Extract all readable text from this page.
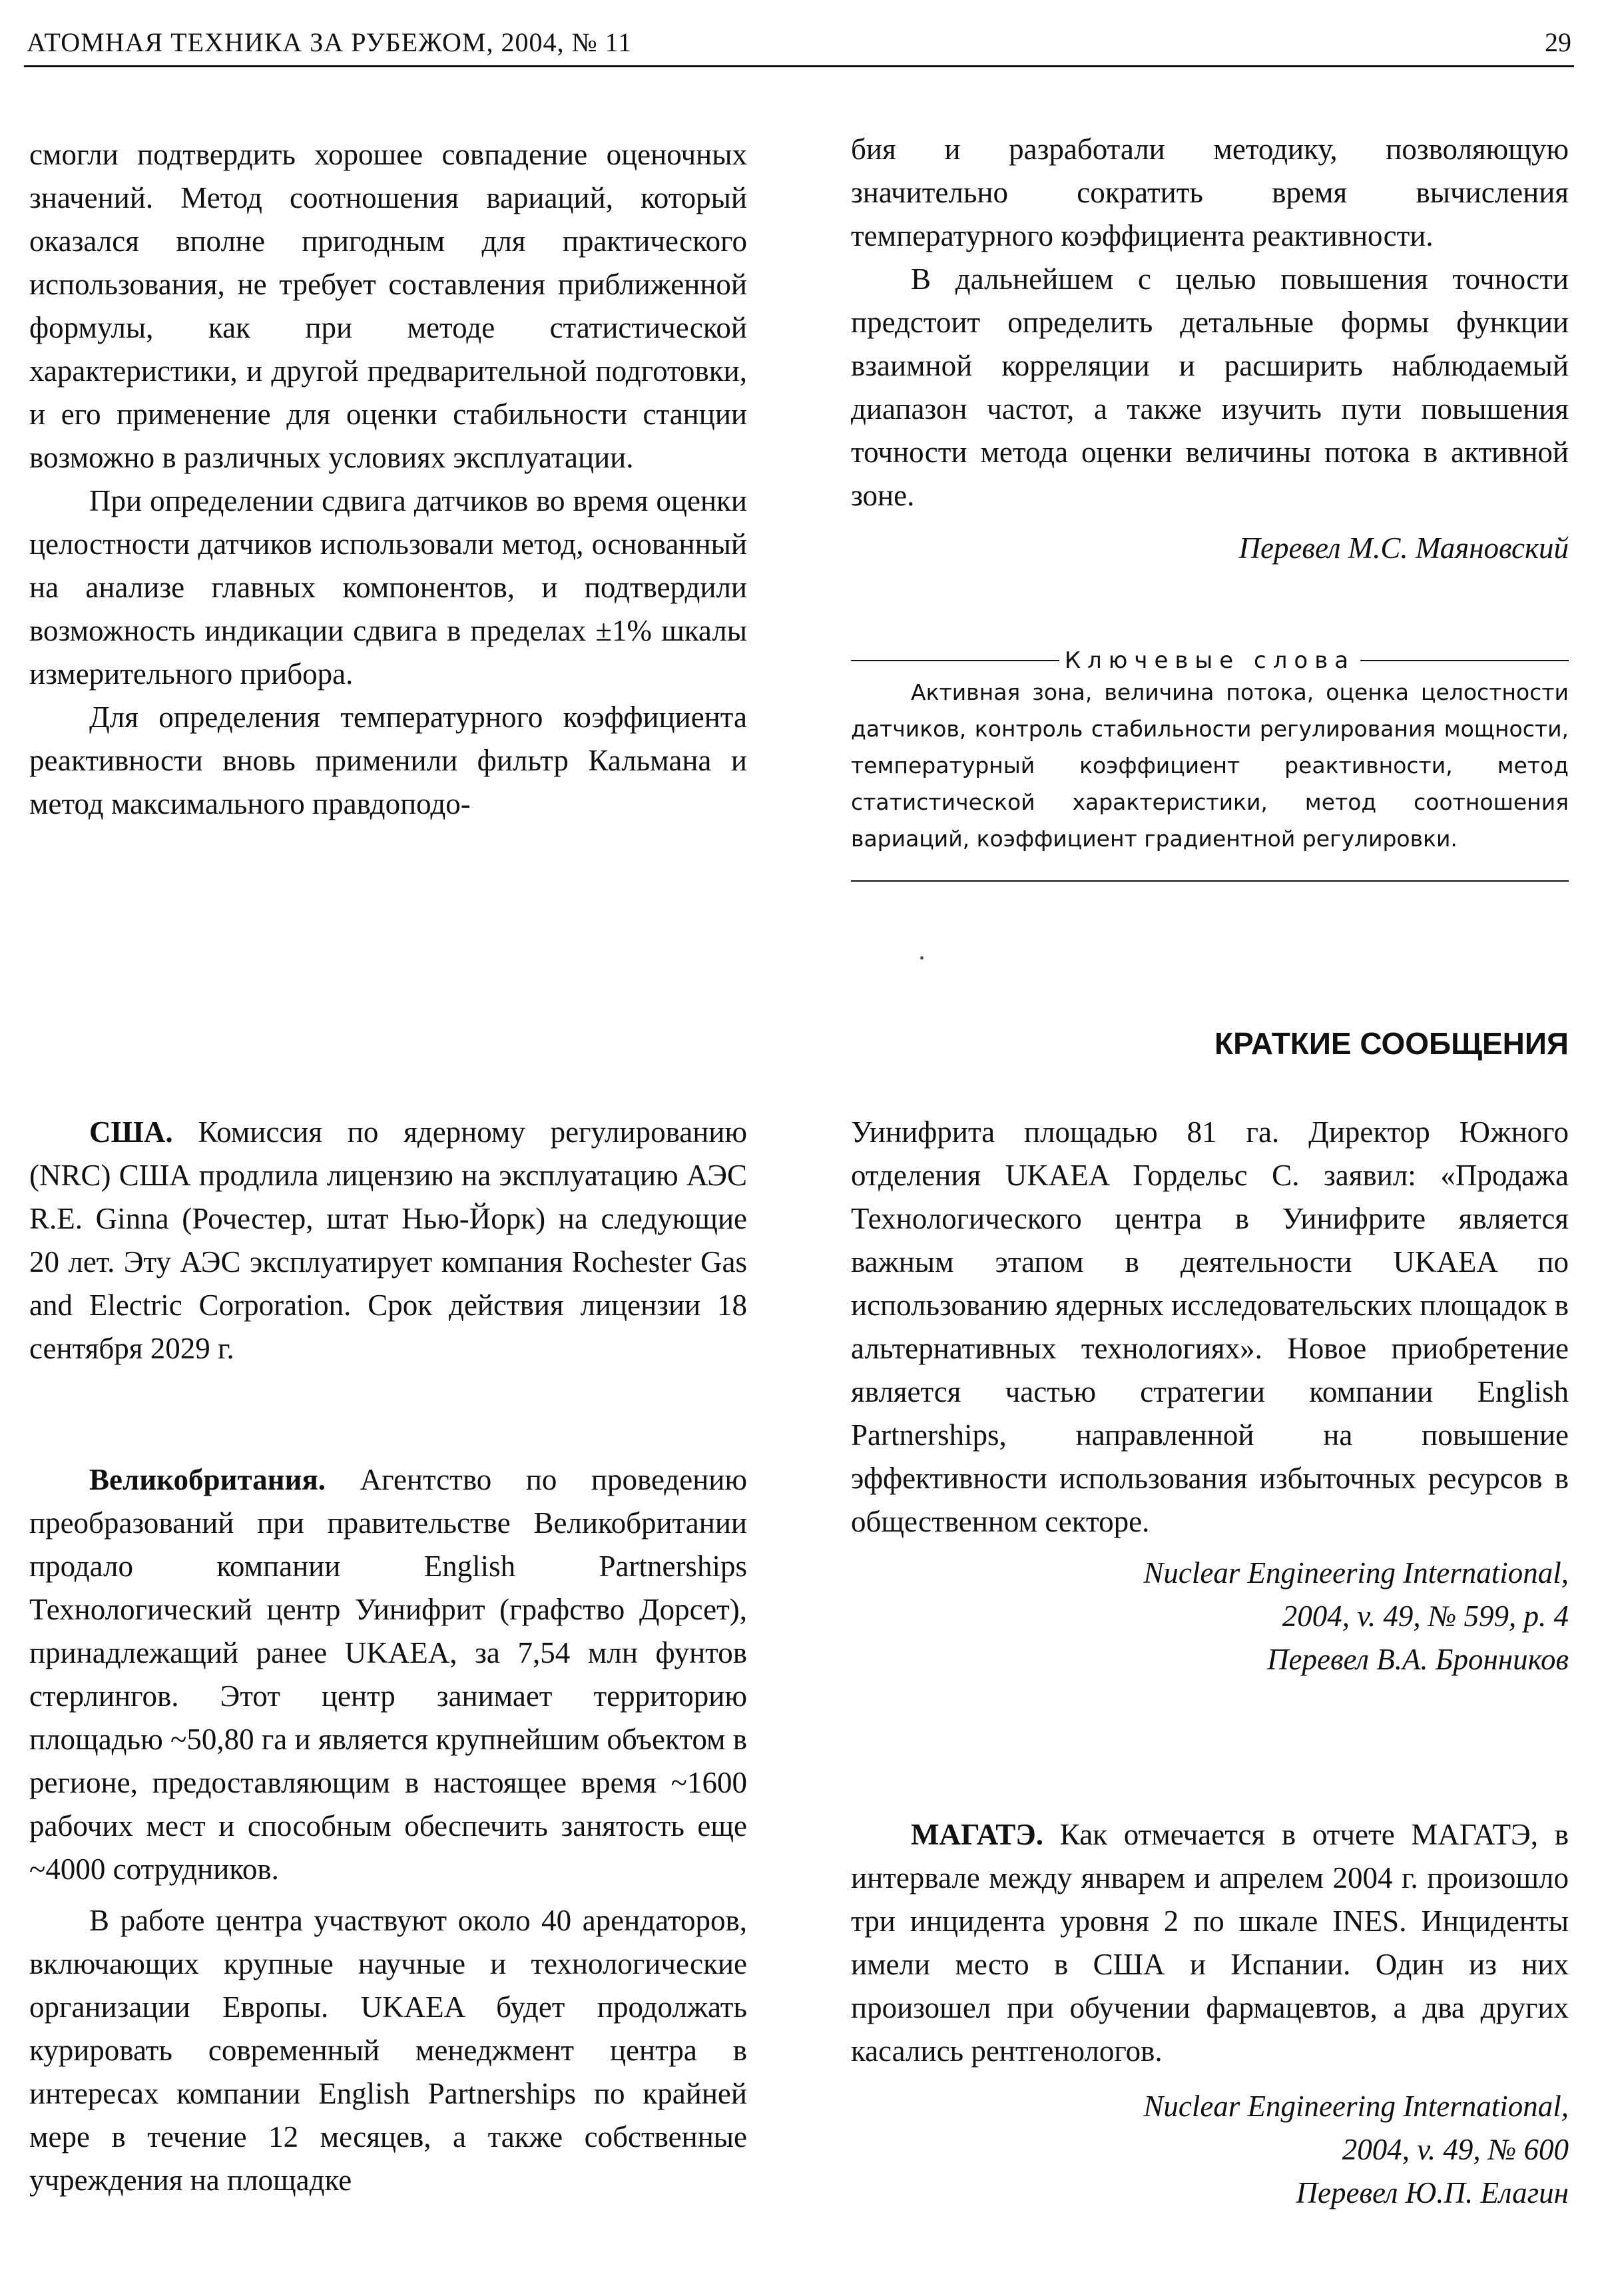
АТОМНАЯ ТЕХНИКА ЗА РУБЕЖОМ, 2004, № 11	29

смогли подтвердить хорошее совпадение оценочных значений. Метод соотношения вариаций, который оказался вполне пригодным для практического использования, не требует составления приближенной формулы, как при методе статистической характеристики, и другой предварительной подготовки, и его применение для оценки стабильности станции возможно в различных условиях эксплуатации.

При определении сдвига датчиков во время оценки целостности датчиков использовали метод, основанный на анализе главных компонентов, и подтвердили возможность индикации сдвига в пределах ±1% шкалы измерительного прибора.

Для определения температурного коэффициента реактивности вновь применили фильтр Кальмана и метод максимального правдоподо-

бия и разработали методику, позволяющую значительно сократить время вычисления температурного коэффициента реактивности.

В дальнейшем с целью повышения точности предстоит определить детальные формы функции взаимной корреляции и расширить наблюдаемый диапазон частот, а также изучить пути повышения точности метода оценки величины потока в активной зоне.

Перевел М.С. Маяновский

Ключевые слова

Активная зона, величина потока, оценка целостности датчиков, контроль стабильности регулирования мощности, температурный коэффициент реактивности, метод статистической характеристики, метод соотношения вариаций, коэффициент градиентной регулировки.

КРАТКИЕ СООБЩЕНИЯ

США. Комиссия по ядерному регулированию (NRC) США продлила лицензию на эксплуатацию АЭС R.E. Ginna (Рочестер, штат Нью-Йорк) на следующие 20 лет. Эту АЭС эксплуатирует компания Rochester Gas and Electric Corporation. Срок действия лицензии 18 сентября 2029 г.

Великобритания. Агентство по проведению преобразований при правительстве Великобритании продало компании English Partnerships Технологический центр Уинифрит (графство Дорсет), принадлежащий ранее UKAEA, за 7,54 млн фунтов стерлингов. Этот центр занимает территорию площадью ~50,80 га и является крупнейшим объектом в регионе, предоставляющим в настоящее время ~1600 рабочих мест и способным обеспечить занятость еще ~4000 сотрудников.

В работе центра участвуют около 40 арендаторов, включающих крупные научные и технологические организации Европы. UKAEA будет продолжать курировать современный менеджмент центра в интересах компании English Partnerships по крайней мере в течение 12 месяцев, а также собственные учреждения на площадке

Уинифрита площадью 81 га. Директор Южного отделения UKAEA Гордельс С. заявил: «Продажа Технологического центра в Уинифрите является важным этапом в деятельности UKAEA по использованию ядерных исследовательских площадок в альтернативных технологиях». Новое приобретение является частью стратегии компании English Partnerships, направленной на повышение эффективности использования избыточных ресурсов в общественном секторе.

Nuclear Engineering International,

2004, v. 49, № 599, p. 4

Перевел В.А. Бронников

МАГАТЭ. Как отмечается в отчете МАГАТЭ, в интервале между январем и апрелем 2004 г. произошло три инцидента уровня 2 по шкале INES. Инциденты имели место в США и Испании. Один из них произошел при обучении фармацевтов, а два других касались рентгенологов.

Nuclear Engineering International,

2004, v. 49, № 600

Перевел Ю.П. Елагин
